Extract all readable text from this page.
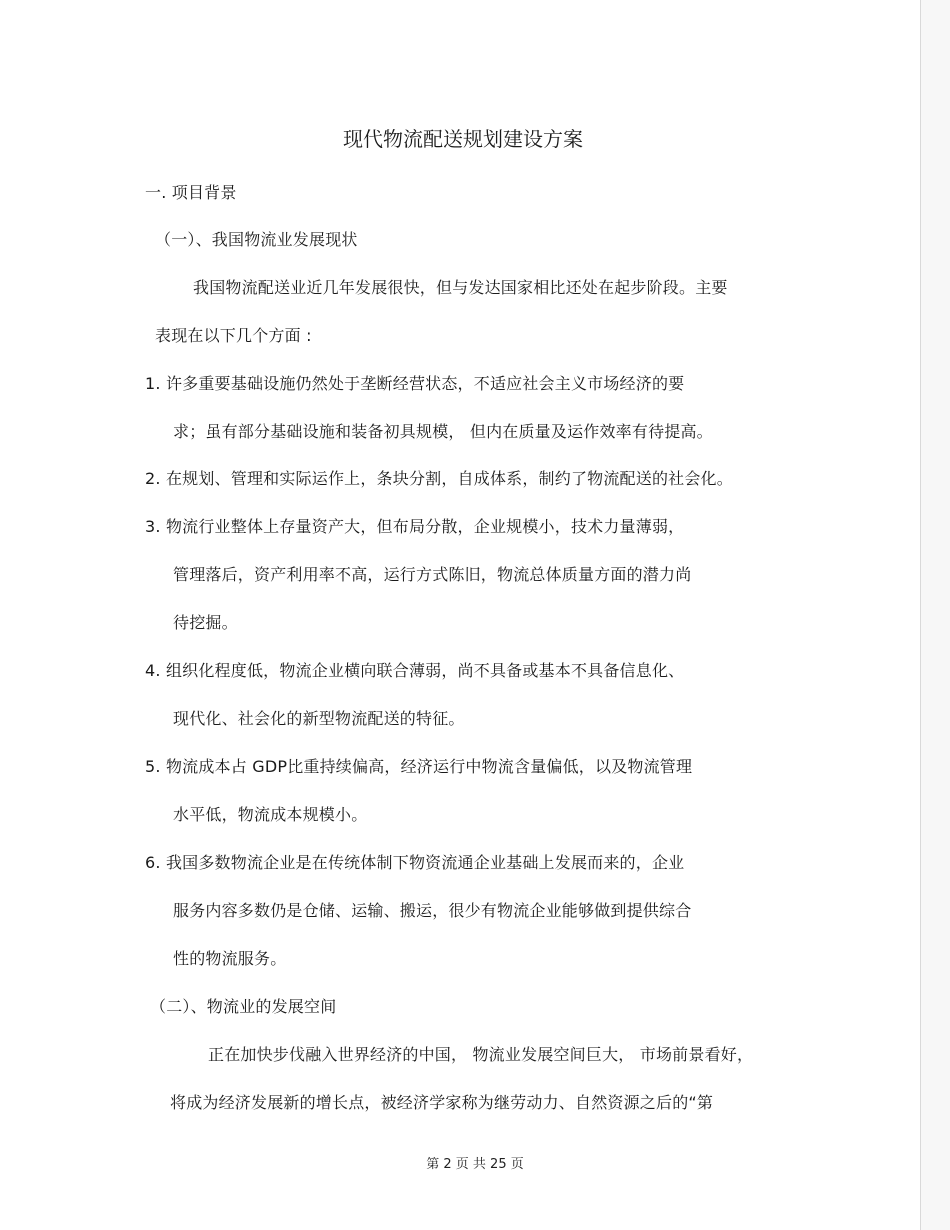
现代物流配送规划建设方案
一. 项目背景
（一）、我国物流业发展现状
我国物流配送业近几年发展很快，但与发达国家相比还处在起步阶段。主要
表现在以下几个方面 :
1. 许多重要基础设施仍然处于垄断经营状态，不适应社会主义市场经济的要
求；虽有部分基础设施和装备初具规模， 但内在质量及运作效率有待提高。
2. 在规划、管理和实际运作上，条块分割，自成体系，制约了物流配送的社会化。
3. 物流行业整体上存量资产大，但布局分散，企业规模小，技术力量薄弱，
管理落后，资产利用率不高，运行方式陈旧，物流总体质量方面的潜力尚
待挖掘。
4. 组织化程度低，物流企业横向联合薄弱，尚不具备或基本不具备信息化、
现代化、社会化的新型物流配送的特征。
5. 物流成本占 GDP比重持续偏高，经济运行中物流含量偏低，以及物流管理
水平低，物流成本规模小。
6. 我国多数物流企业是在传统体制下物资流通企业基础上发展而来的，企业
服务内容多数仍是仓储、运输、搬运，很少有物流企业能够做到提供综合
性的物流服务。
（二）、物流业的发展空间
正在加快步伐融入世界经济的中国， 物流业发展空间巨大， 市场前景看好，
将成为经济发展新的增长点，被经济学家称为继劳动力、自然资源之后的“第
第 2 页 共 25 页
